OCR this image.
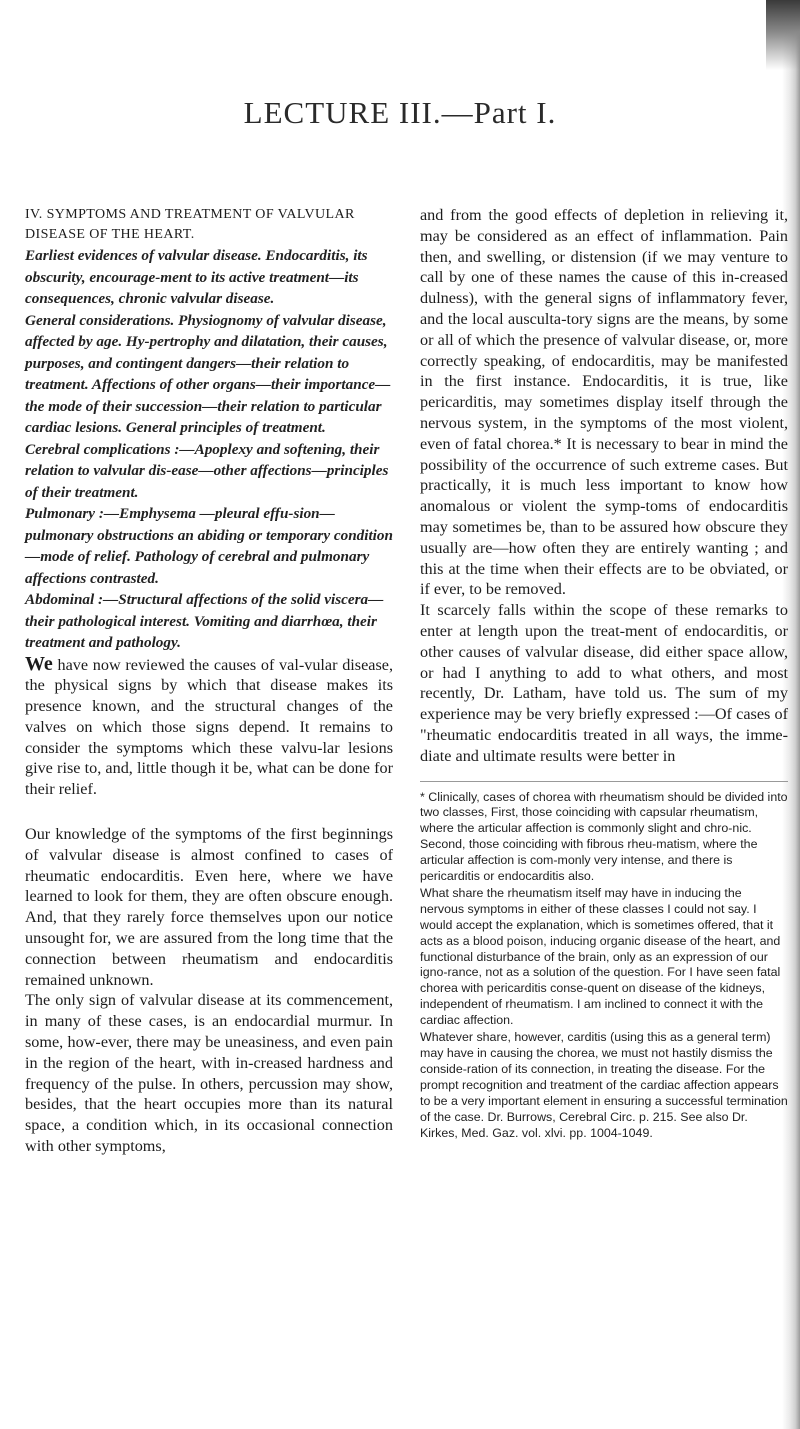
LECTURE III.—Part I.

IV. SYMPTOMS AND TREATMENT OF VALVULAR DISEASE OF THE HEART.

Earliest evidences of valvular disease. Endocarditis, its obscurity, encourage-ment to its active treatment—its consequences, chronic valvular disease.

General considerations. Physiognomy of valvular disease, affected by age. Hy-pertrophy and dilatation, their causes, purposes, and contingent dangers—their relation to treatment. Affections of other organs—their importance—the mode of their succession—their relation to particular cardiac lesions. General principles of treatment.

Cerebral complications :—Apoplexy and softening, their relation to valvular dis-ease—other affections—principles of their treatment.

Pulmonary :—Emphysema —pleural effu-sion—pulmonary obstructions an abiding or temporary condition—mode of relief. Pathology of cerebral and pulmonary affections contrasted.

Abdominal :—Structural affections of the solid viscera— their pathological interest. Vomiting and diarrhœa, their treatment and pathology.

We have now reviewed the causes of val-vular disease, the physical signs by which that disease makes its presence known, and the structural changes of the valves on which those signs depend. It remains to consider the symptoms which these valvu-lar lesions give rise to, and, little though it be, what can be done for their relief.

Our knowledge of the symptoms of the first beginnings of valvular disease is almost confined to cases of rheumatic endocarditis. Even here, where we have learned to look for them, they are often obscure enough. And, that they rarely force themselves upon our notice unsought for, we are assured from the long time that the connection between rheumatism and endocarditis remained unknown.

The only sign of valvular disease at its commencement, in many of these cases, is an endocardial murmur. In some, how-ever, there may be uneasiness, and even pain in the region of the heart, with in-creased hardness and frequency of the pulse. In others, percussion may show, besides, that the heart occupies more than its natural space, a condition which, in its occasional connection with other symptoms,

and from the good effects of depletion in relieving it, may be considered as an effect of inflammation. Pain then, and swelling, or distension (if we may venture to call by one of these names the cause of this in-creased dulness), with the general signs of inflammatory fever, and the local ausculta-tory signs are the means, by some or all of which the presence of valvular disease, or, more correctly speaking, of endocarditis, may be manifested in the first instance. Endocarditis, it is true, like pericarditis, may sometimes display itself through the nervous system, in the symptoms of the most violent, even of fatal chorea.* It is necessary to bear in mind the possibility of the occurrence of such extreme cases. But practically, it is much less important to know how anomalous or violent the symp-toms of endocarditis may sometimes be, than to be assured how obscure they usually are—how often they are entirely wanting ; and this at the time when their effects are to be obviated, or if ever, to be removed.

It scarcely falls within the scope of these remarks to enter at length upon the treat-ment of endocarditis, or other causes of valvular disease, did either space allow, or had I anything to add to what others, and most recently, Dr. Latham, have told us. The sum of my experience may be very briefly expressed :—Of cases of "rheumatic endocarditis treated in all ways, the imme-diate and ultimate results were better in

* Clinically, cases of chorea with rheumatism should be divided into two classes, First, those coinciding with capsular rheumatism, where the articular affection is commonly slight and chro-nic. Second, those coinciding with fibrous rheu-matism, where the articular affection is com-monly very intense, and there is pericarditis or endocarditis also.

What share the rheumatism itself may have in inducing the nervous symptoms in either of these classes I could not say. I would accept the explanation, which is sometimes offered, that it acts as a blood poison, inducing organic disease of the heart, and functional disturbance of the brain, only as an expression of our igno-rance, not as a solution of the question. For I have seen fatal chorea with pericarditis conse-quent on disease of the kidneys, independent of rheumatism. I am inclined to connect it with the cardiac affection.

Whatever share, however, carditis (using this as a general term) may have in causing the chorea, we must not hastily dismiss the conside-ration of its connection, in treating the disease. For the prompt recognition and treatment of the cardiac affection appears to be a very important element in ensuring a successful termination of the case. Dr. Burrows, Cerebral Circ. p. 215. See also Dr. Kirkes, Med. Gaz. vol. xlvi. pp. 1004-1049.
